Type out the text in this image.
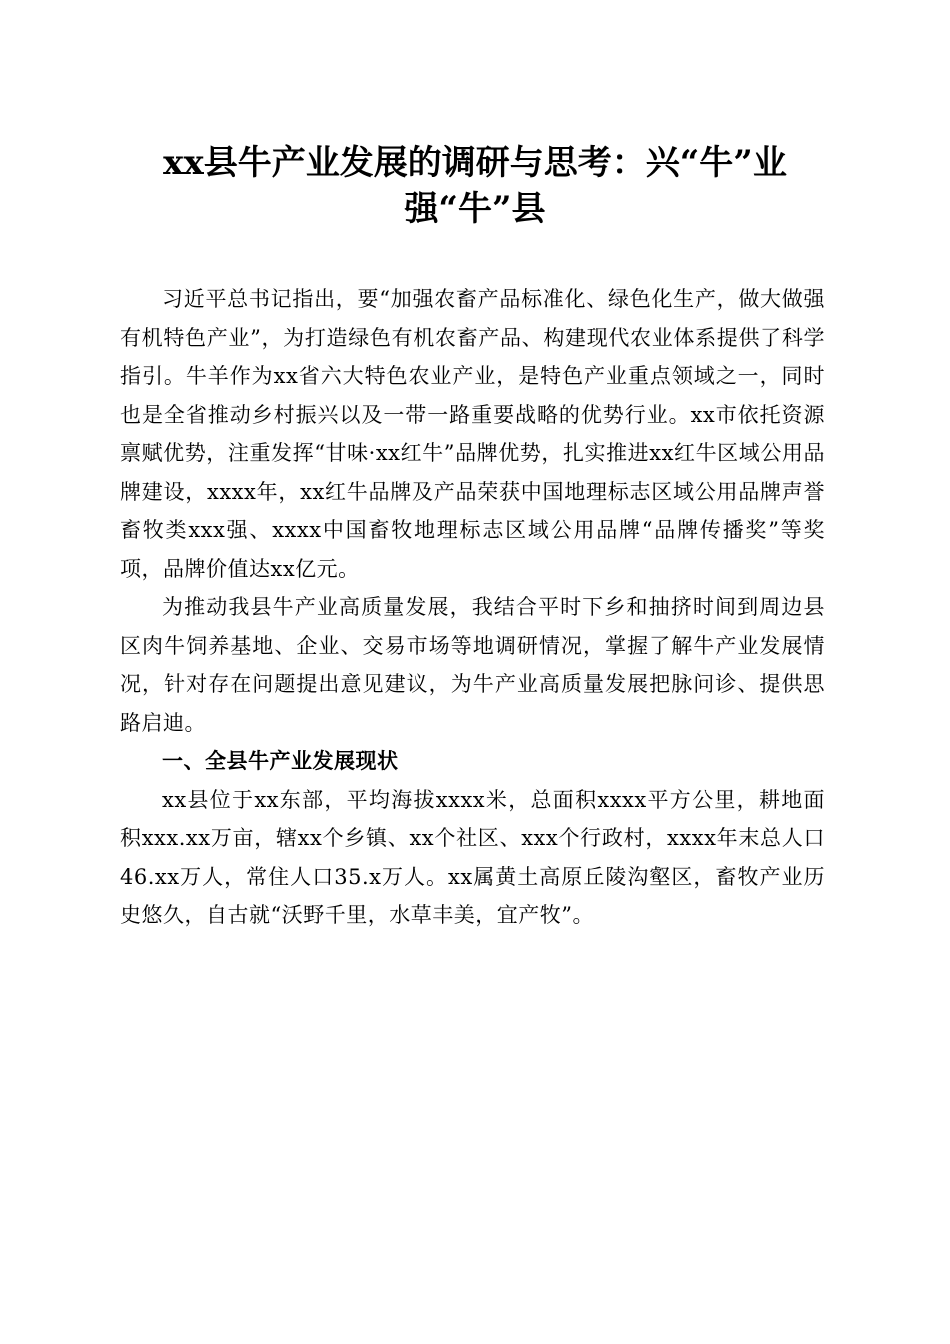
xx县牛产业发展的调研与思考：兴“牛”业
强“牛”县

习近平总书记指出，要“加强农畜产品标准化、绿色化生产，做大做强有机特色产业”，为打造绿色有机农畜产品、构建现代农业体系提供了科学指引。牛羊作为xx省六大特色农业产业，是特色产业重点领域之一，同时也是全省推动乡村振兴以及一带一路重要战略的优势行业。xx市依托资源禀赋优势，注重发挥“甘味·xx红牛”品牌优势，扎实推进xx红牛区域公用品牌建设，xxxx年，xx红牛品牌及产品荣获中国地理标志区域公用品牌声誉畜牧类xxx强、xxxx中国畜牧地理标志区域公用品牌“品牌传播奖”等奖项，品牌价值达xx亿元。

为推动我县牛产业高质量发展，我结合平时下乡和抽挤时间到周边县区肉牛饲养基地、企业、交易市场等地调研情况，掌握了解牛产业发展情况，针对存在问题提出意见建议，为牛产业高质量发展把脉问诊、提供思路启迪。

一、全县牛产业发展现状

xx县位于xx东部，平均海拔xxxx米，总面积xxxx平方公里，耕地面积xxx.xx万亩，辖xx个乡镇、xx个社区、xxx个行政村，xxxx年末总人口46.xx万人，常住人口35.x万人。xx属黄土高原丘陵沟壑区，畜牧产业历史悠久，自古就“沃野千里，水草丰美，宜产牧”。
